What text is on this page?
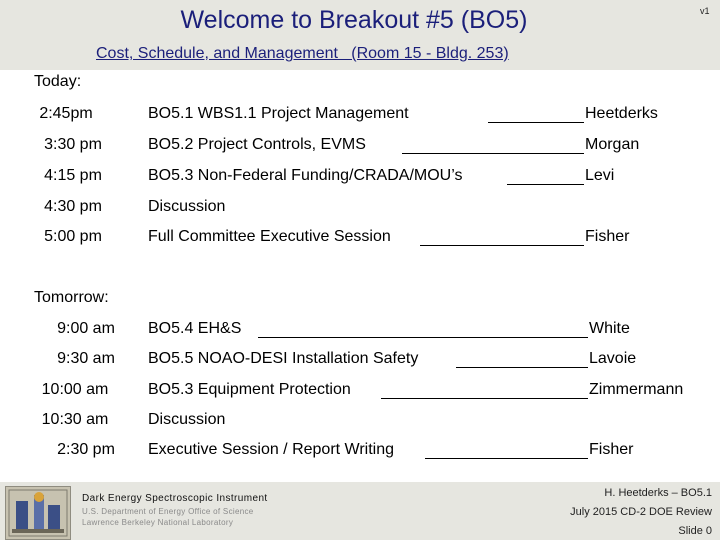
Welcome to Breakout #5 (BO5)	v1
Cost, Schedule, and Management   (Room 15 - Bldg. 253)
Today:
2:45pm	BO5.1 WBS1.1 Project Management	Heetderks
3:30 pm	BO5.2 Project Controls, EVMS	Morgan
4:15 pm	BO5.3 Non-Federal Funding/CRADA/MOU’s	Levi
4:30 pm	Discussion
5:00 pm	Full Committee Executive Session	Fisher
Tomorrow:
9:00 am	BO5.4 EH&S	White
9:30 am	BO5.5 NOAO-DESI Installation Safety	Lavoie
10:00 am	BO5.3 Equipment Protection	Zimmermann
10:30 am	Discussion
2:30 pm	Executive Session / Report Writing	Fisher
Dark Energy Spectroscopic Instrument
U.S. Department of Energy Office of Science
Lawrence Berkeley National Laboratory
H. Heetderks – BO5.1
July 2015 CD-2 DOE Review
Slide 0
